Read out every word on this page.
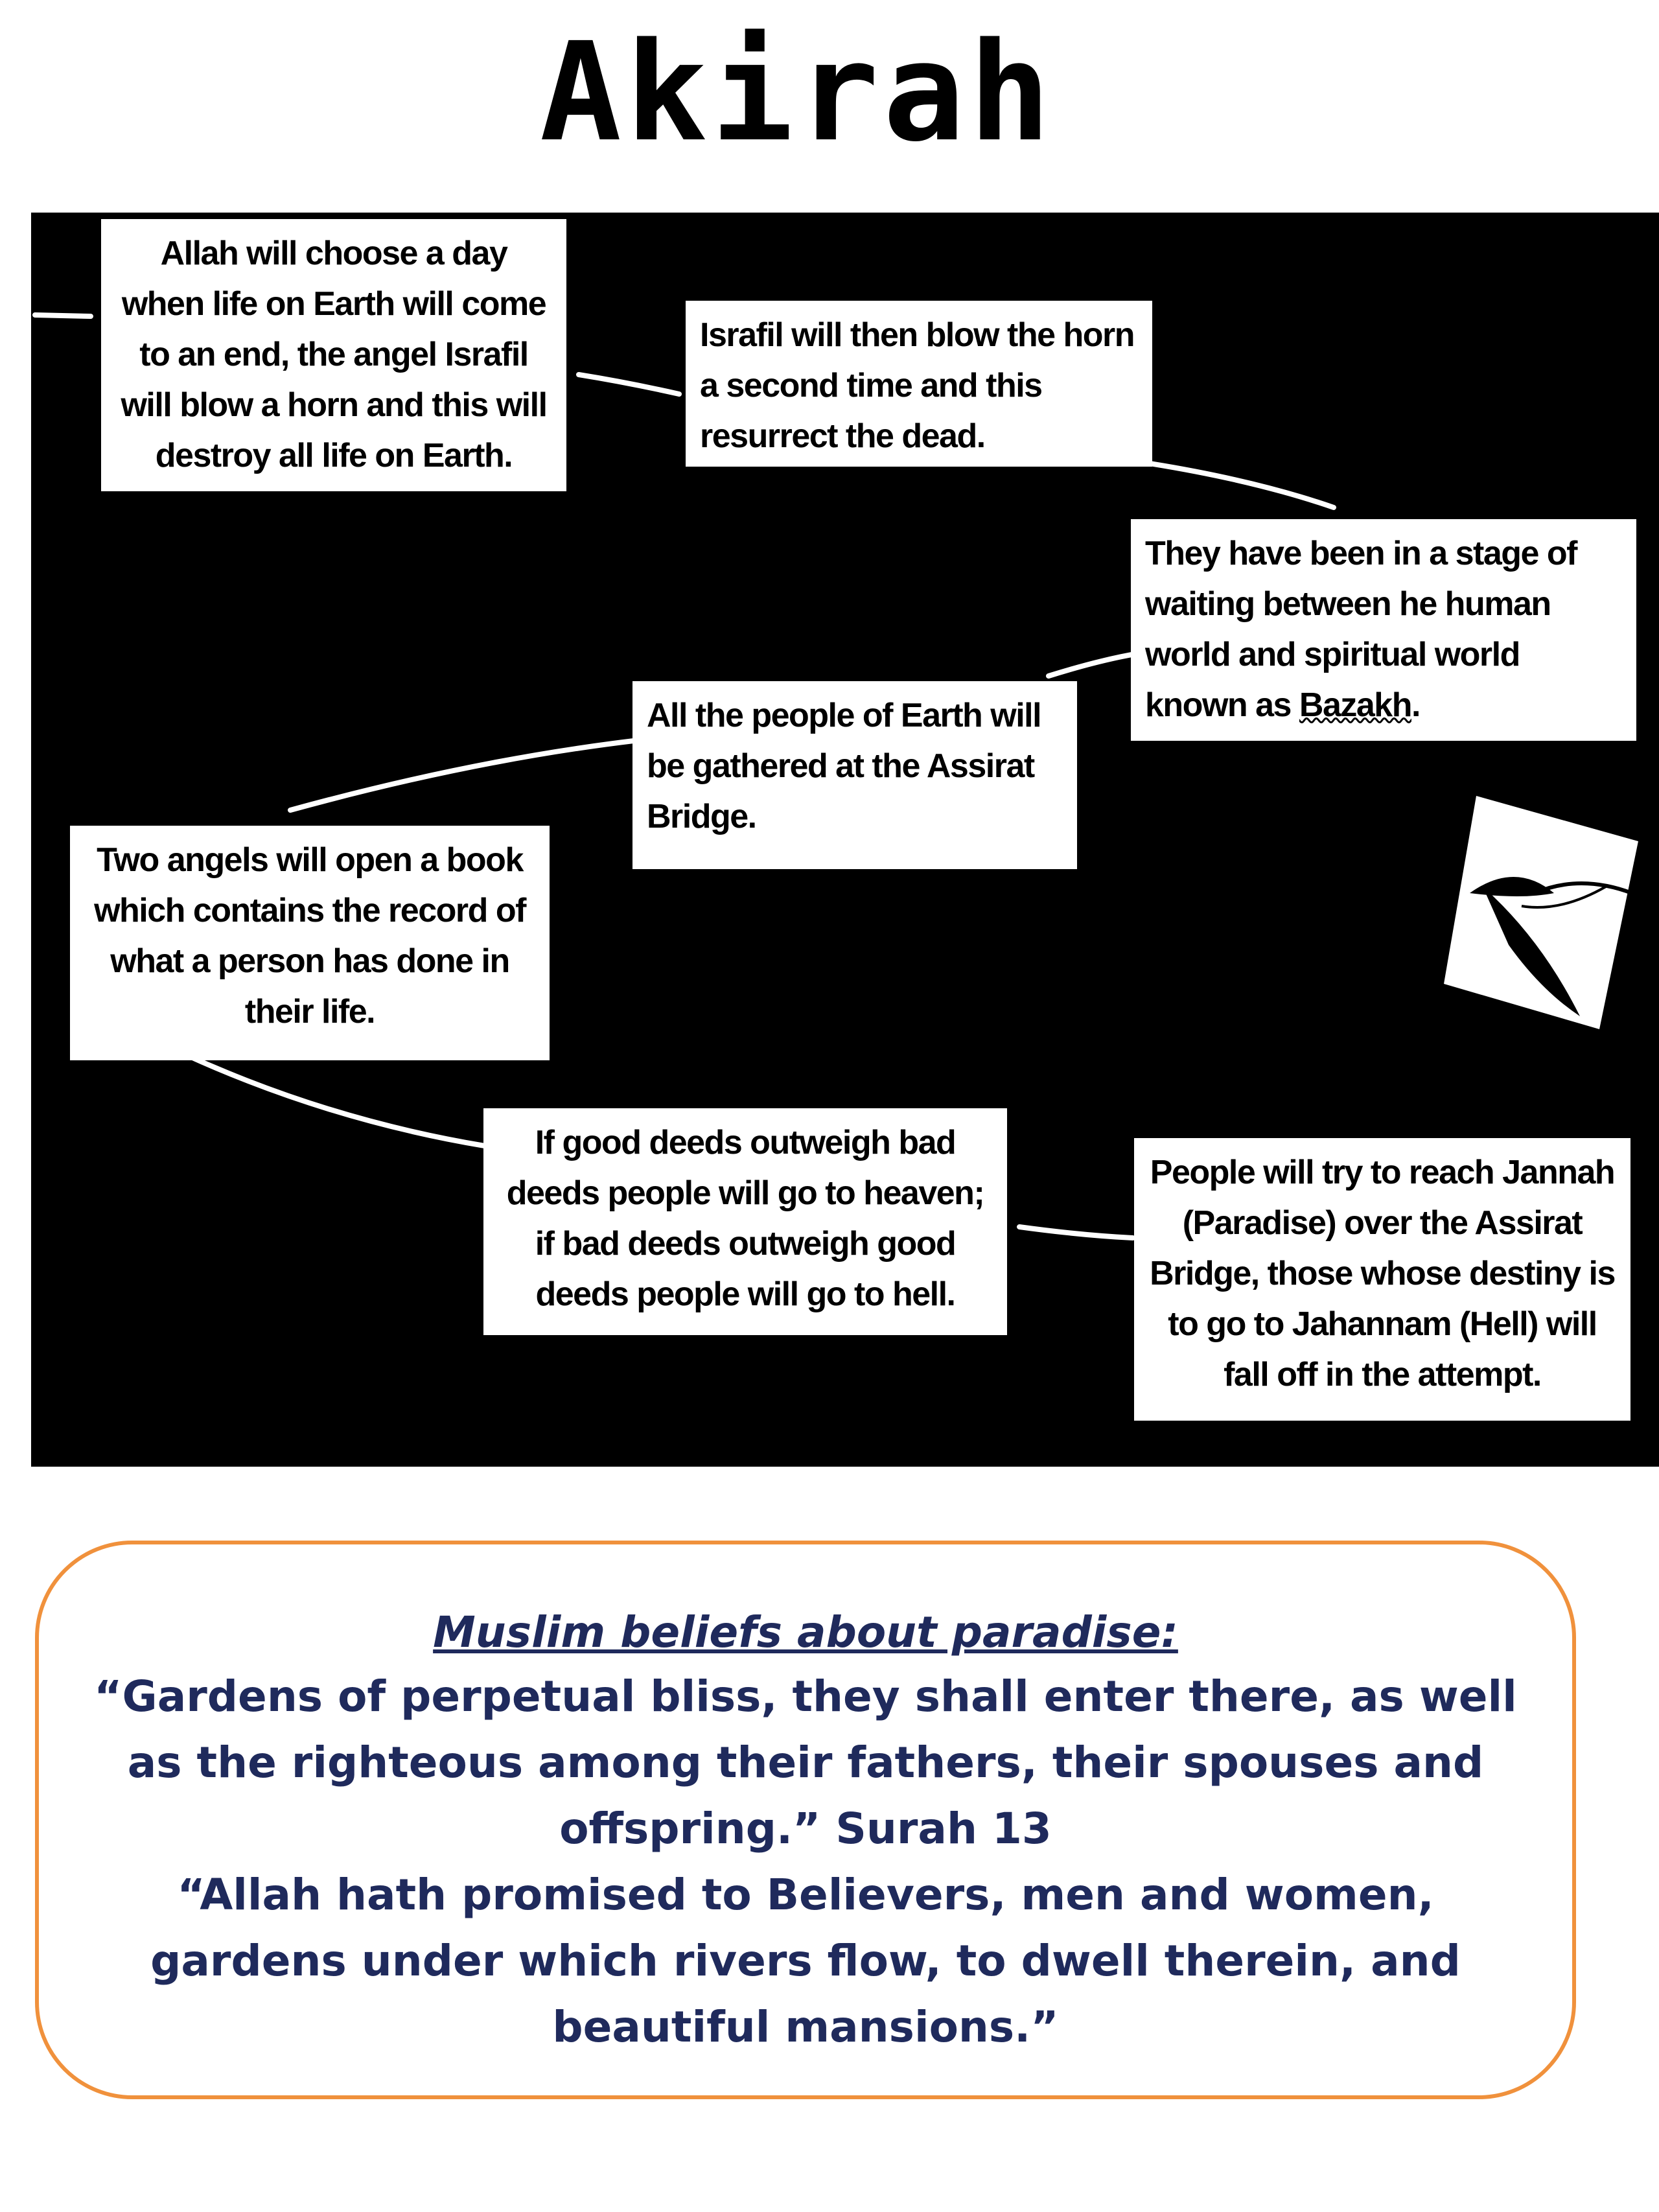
Akirah
Allah will choose a day when life on Earth will come to an end, the angel Israfil will blow a horn and this will destroy all life on Earth.
Israfil will then blow the horn a second time and this resurrect the dead.
They have been in a stage of waiting between he human world and spiritual world known as Bazakh.
All the people of Earth will be gathered at the Assirat Bridge.
Two angels will open a book which contains the record of what a person has done in their life.
If good deeds outweigh bad deeds people will go to heaven; if bad deeds outweigh good deeds people will go to hell.
People will try to reach Jannah (Paradise) over the Assirat Bridge, those whose destiny is to go to Jahannam (Hell) will fall off in the attempt.
Muslim beliefs about paradise:
“Gardens of perpetual bliss, they shall enter there, as well as the righteous among their fathers, their spouses and offspring.” Surah 13
“Allah hath promised to Believers, men and women, gardens under which rivers flow, to dwell therein, and beautiful mansions.”
